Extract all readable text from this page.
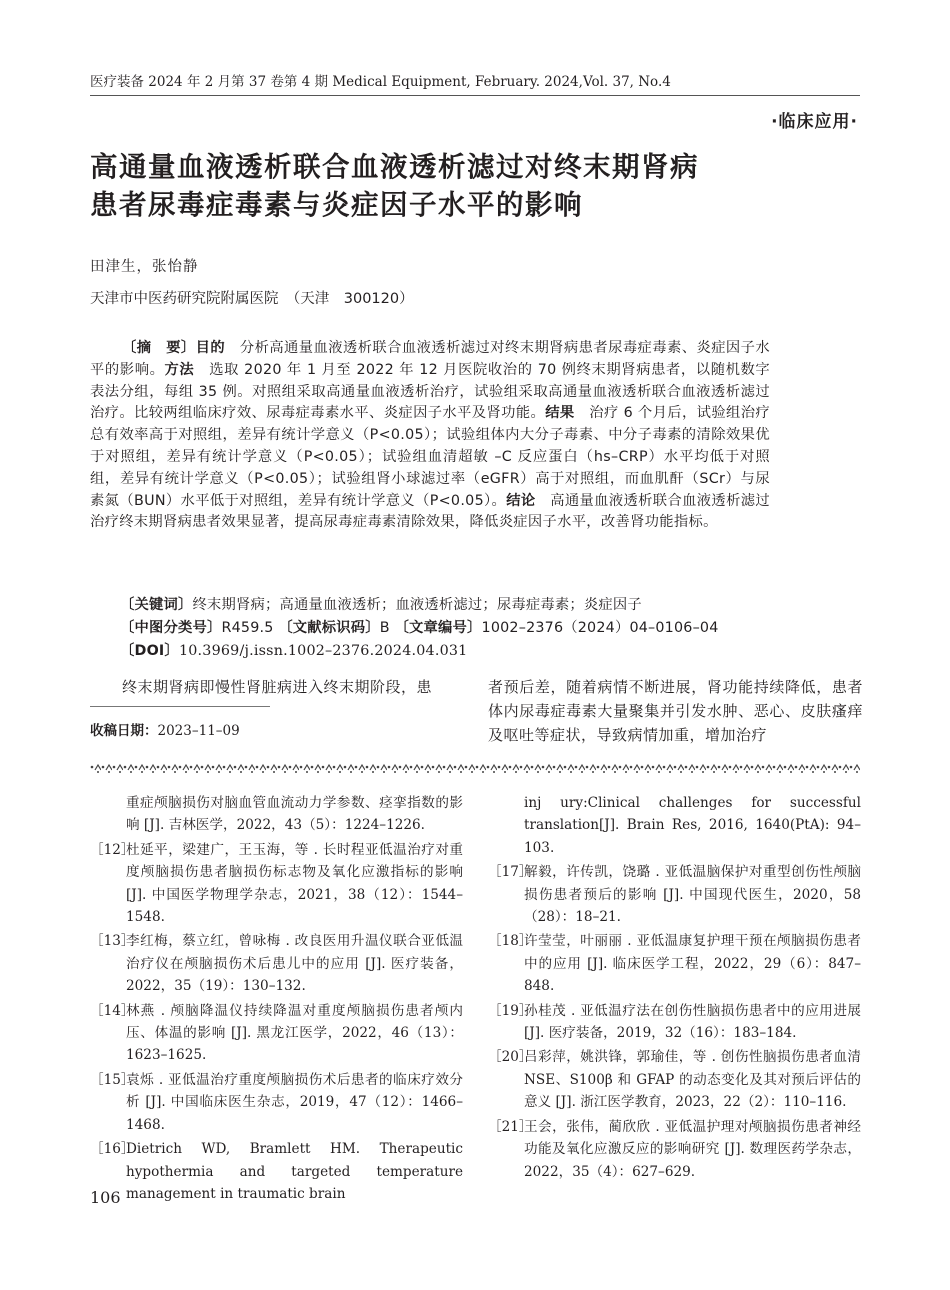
医疗装备 2024 年 2 月第 37 卷第 4 期 Medical Equipment, February. 2024,Vol. 37, No.4
·临床应用·
高通量血液透析联合血液透析滤过对终末期肾病
患者尿毒症毒素与炎症因子水平的影响
田津生，张怡静
天津市中医药研究院附属医院　（天津　300120）
〔摘　要〕目的　分析高通量血液透析联合血液透析滤过对终末期肾病患者尿毒症毒素、炎症因子水平的影响。方法　选取 2020 年 1 月至 2022 年 12 月医院收治的 70 例终末期肾病患者，以随机数字表法分组，每组 35 例。对照组采取高通量血液透析治疗，试验组采取高通量血液透析联合血液透析滤过治疗。比较两组临床疗效、尿毒症毒素水平、炎症因子水平及肾功能。结果　治疗 6 个月后，试验组治疗总有效率高于对照组，差异有统计学意义（P<0.05）；试验组体内大分子毒素、中分子毒素的清除效果优于对照组，差异有统计学意义（P<0.05）；试验组血清超敏 –C 反应蛋白（hs–CRP）水平均低于对照组，差异有统计学意义（P<0.05）；试验组肾小球滤过率（eGFR）高于对照组，而血肌酐（SCr）与尿素氮（BUN）水平低于对照组，差异有统计学意义（P<0.05）。结论　高通量血液透析联合血液透析滤过治疗终末期肾病患者效果显著，提高尿毒症毒素清除效果，降低炎症因子水平，改善肾功能指标。
〔关键词〕终末期肾病；高通量血液透析；血液透析滤过；尿毒症毒素；炎症因子
〔中图分类号〕R459.5 〔文献标识码〕B 〔文章编号〕1002–2376（2024）04–0106–04
〔DOI〕10.3969/j.issn.1002–2376.2024.04.031
终末期肾病即慢性肾脏病进入终末期阶段，患
收稿日期：2023–11–09
者预后差，随着病情不断进展，肾功能持续降低，患者体内尿毒症毒素大量聚集并引发水肿、恶心、皮肤瘙痒及呕吐等症状，导致病情加重，增加治疗
重症颅脑损伤对脑血管血流动力学参数、痉挛指数的影响 [J]. 吉林医学，2022，43（5）：1224–1226.
［12］
杜延平，梁建广，王玉海，等 . 长时程亚低温治疗对重度颅脑损伤患者脑损伤标志物及氧化应激指标的影响 [J]. 中国医学物理学杂志，2021，38（12）：1544–1548.
［13］
李红梅，蔡立红，曾咏梅 . 改良医用升温仪联合亚低温治疗仪在颅脑损伤术后患儿中的应用 [J]. 医疗装备，2022，35（19）：130–132.
［14］
林燕 . 颅脑降温仪持续降温对重度颅脑损伤患者颅内压、体温的影响 [J]. 黑龙江医学，2022，46（13）：1623–1625.
［15］
袁烁 . 亚低温治疗重度颅脑损伤术后患者的临床疗效分析 [J]. 中国临床医生杂志，2019，47（12）：1466–1468.
［16］
Dietrich WD, Bramlett HM. Therapeutic hypothermia and targeted temperature management in traumatic brain
inj ury:Clinical challenges for successful translation[J]. Brain Res, 2016, 1640(PtA): 94–103.
［17］
解毅，许传凯，饶璐 . 亚低温脑保护对重型创伤性颅脑损伤患者预后的影响 [J]. 中国现代医生，2020，58（28）：18–21.
［18］
许莹莹，叶丽丽 . 亚低温康复护理干预在颅脑损伤患者中的应用 [J]. 临床医学工程，2022，29（6）：847–848.
［19］
孙桂茂 . 亚低温疗法在创伤性脑损伤患者中的应用进展 [J]. 医疗装备，2019，32（16）：183–184.
［20］
吕彩萍，姚洪锋，郭瑜佳，等 . 创伤性脑损伤患者血清 NSE、S100β 和 GFAP 的动态变化及其对预后评估的意义 [J]. 浙江医学教育，2023，22（2）：110–116.
［21］
王会，张伟，蔺欣欣 . 亚低温护理对颅脑损伤患者神经功能及氧化应激反应的影响研究 [J]. 数理医药学杂志，2022，35（4）：627–629.
106
